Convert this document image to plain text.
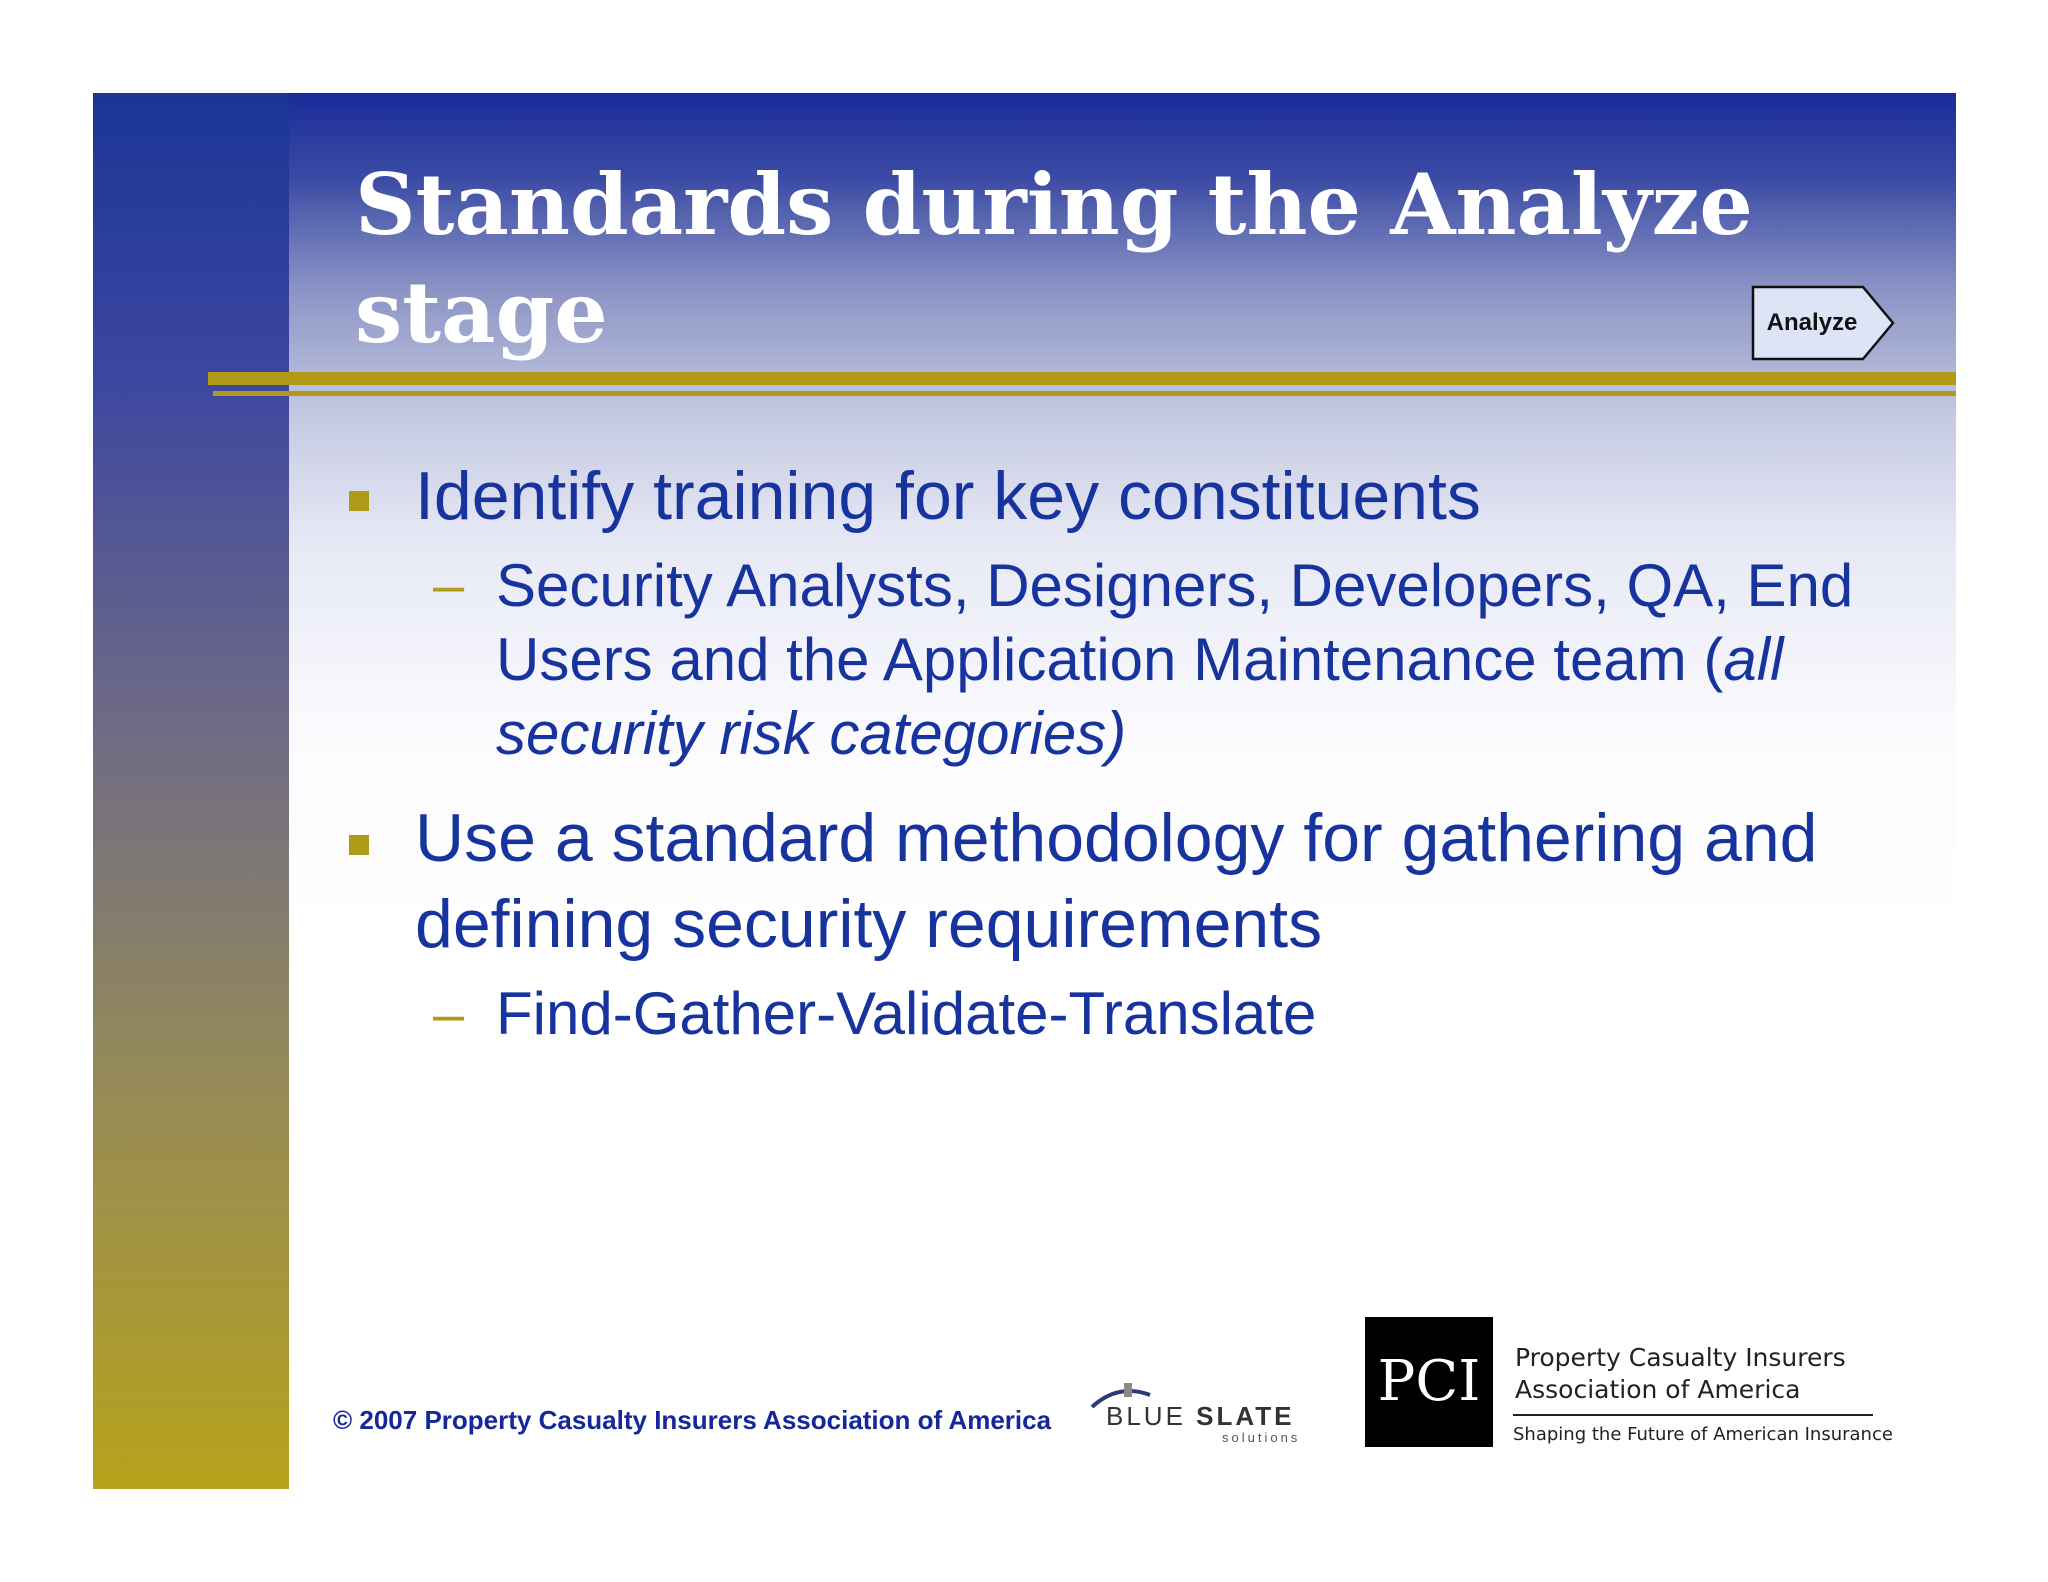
Standards during the Analyze stage	Analyze

Identify training for key constituents

– Security Analysts, Designers, Developers, QA, End Users and the Application Maintenance team (all security risk categories)

Use a standard methodology for gathering and defining security requirements

– Find-Gather-Validate-Translate

© 2007 Property Casualty Insurers Association of America BLUE SLATE
solutions
PCI	Property Casualty Insurers
Association of America
Shaping the Future of American Insurance
